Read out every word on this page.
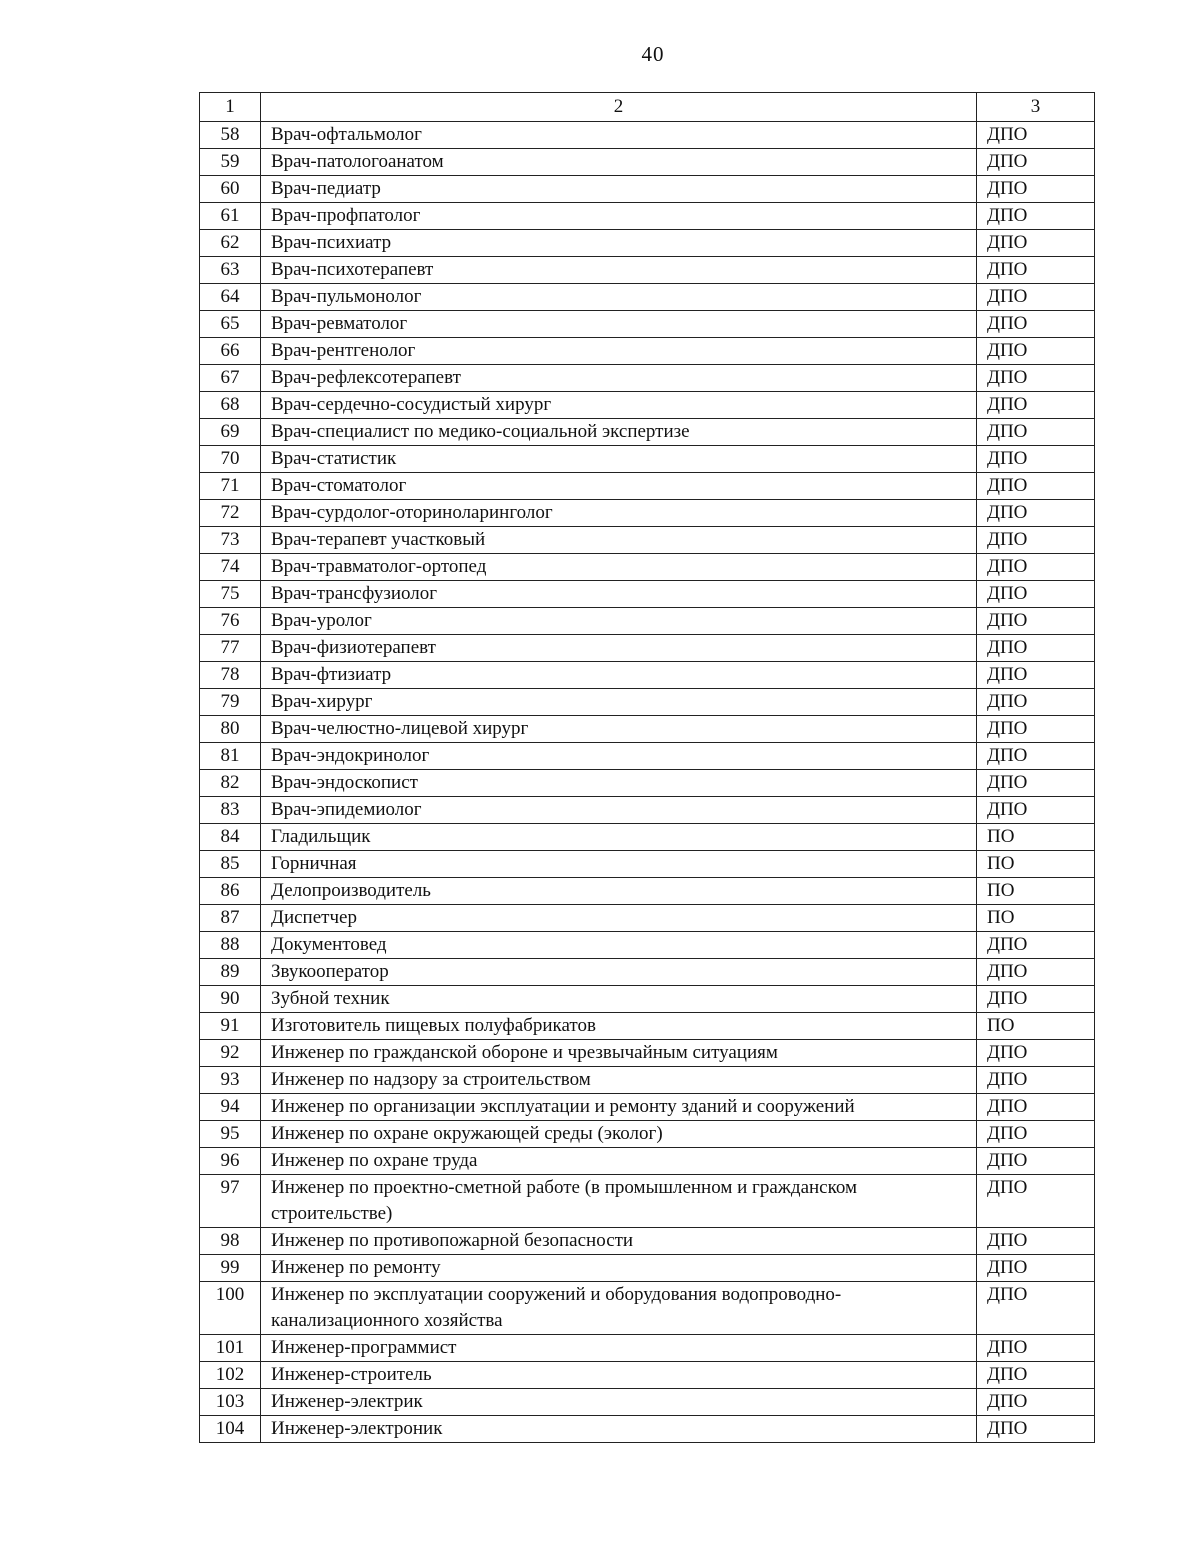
40
1	2	3
58	Врач-офтальмолог	ДПО
59	Врач-патологоанатом	ДПО
60	Врач-педиатр	ДПО
61	Врач-профпатолог	ДПО
62	Врач-психиатр	ДПО
63	Врач-психотерапевт	ДПО
64	Врач-пульмонолог	ДПО
65	Врач-ревматолог	ДПО
66	Врач-рентгенолог	ДПО
67	Врач-рефлексотерапевт	ДПО
68	Врач-сердечно-сосудистый хирург	ДПО
69	Врач-специалист по медико-социальной экспертизе	ДПО
70	Врач-статистик	ДПО
71	Врач-стоматолог	ДПО
72	Врач-сурдолог-оториноларинголог	ДПО
73	Врач-терапевт участковый	ДПО
74	Врач-травматолог-ортопед	ДПО
75	Врач-трансфузиолог	ДПО
76	Врач-уролог	ДПО
77	Врач-физиотерапевт	ДПО
78	Врач-фтизиатр	ДПО
79	Врач-хирург	ДПО
80	Врач-челюстно-лицевой хирург	ДПО
81	Врач-эндокринолог	ДПО
82	Врач-эндоскопист	ДПО
83	Врач-эпидемиолог	ДПО
84	Гладильщик	ПО
85	Горничная	ПО
86	Делопроизводитель	ПО
87	Диспетчер	ПО
88	Документовед	ДПО
89	Звукооператор	ДПО
90	Зубной техник	ДПО
91	Изготовитель пищевых полуфабрикатов	ПО
92	Инженер по гражданской обороне и чрезвычайным ситуациям	ДПО
93	Инженер по надзору за строительством	ДПО
94	Инженер по организации эксплуатации и ремонту зданий и сооружений	ДПО
95	Инженер по охране окружающей среды (эколог)	ДПО
96	Инженер по охране труда	ДПО
97	Инженер по проектно-сметной работе (в промышленном и гражданском строительстве)	ДПО
98	Инженер по противопожарной безопасности	ДПО
99	Инженер по ремонту	ДПО
100	Инженер по эксплуатации сооружений и оборудования водопроводно-канализационного хозяйства	ДПО
101	Инженер-программист	ДПО
102	Инженер-строитель	ДПО
103	Инженер-электрик	ДПО
104	Инженер-электроник	ДПО
